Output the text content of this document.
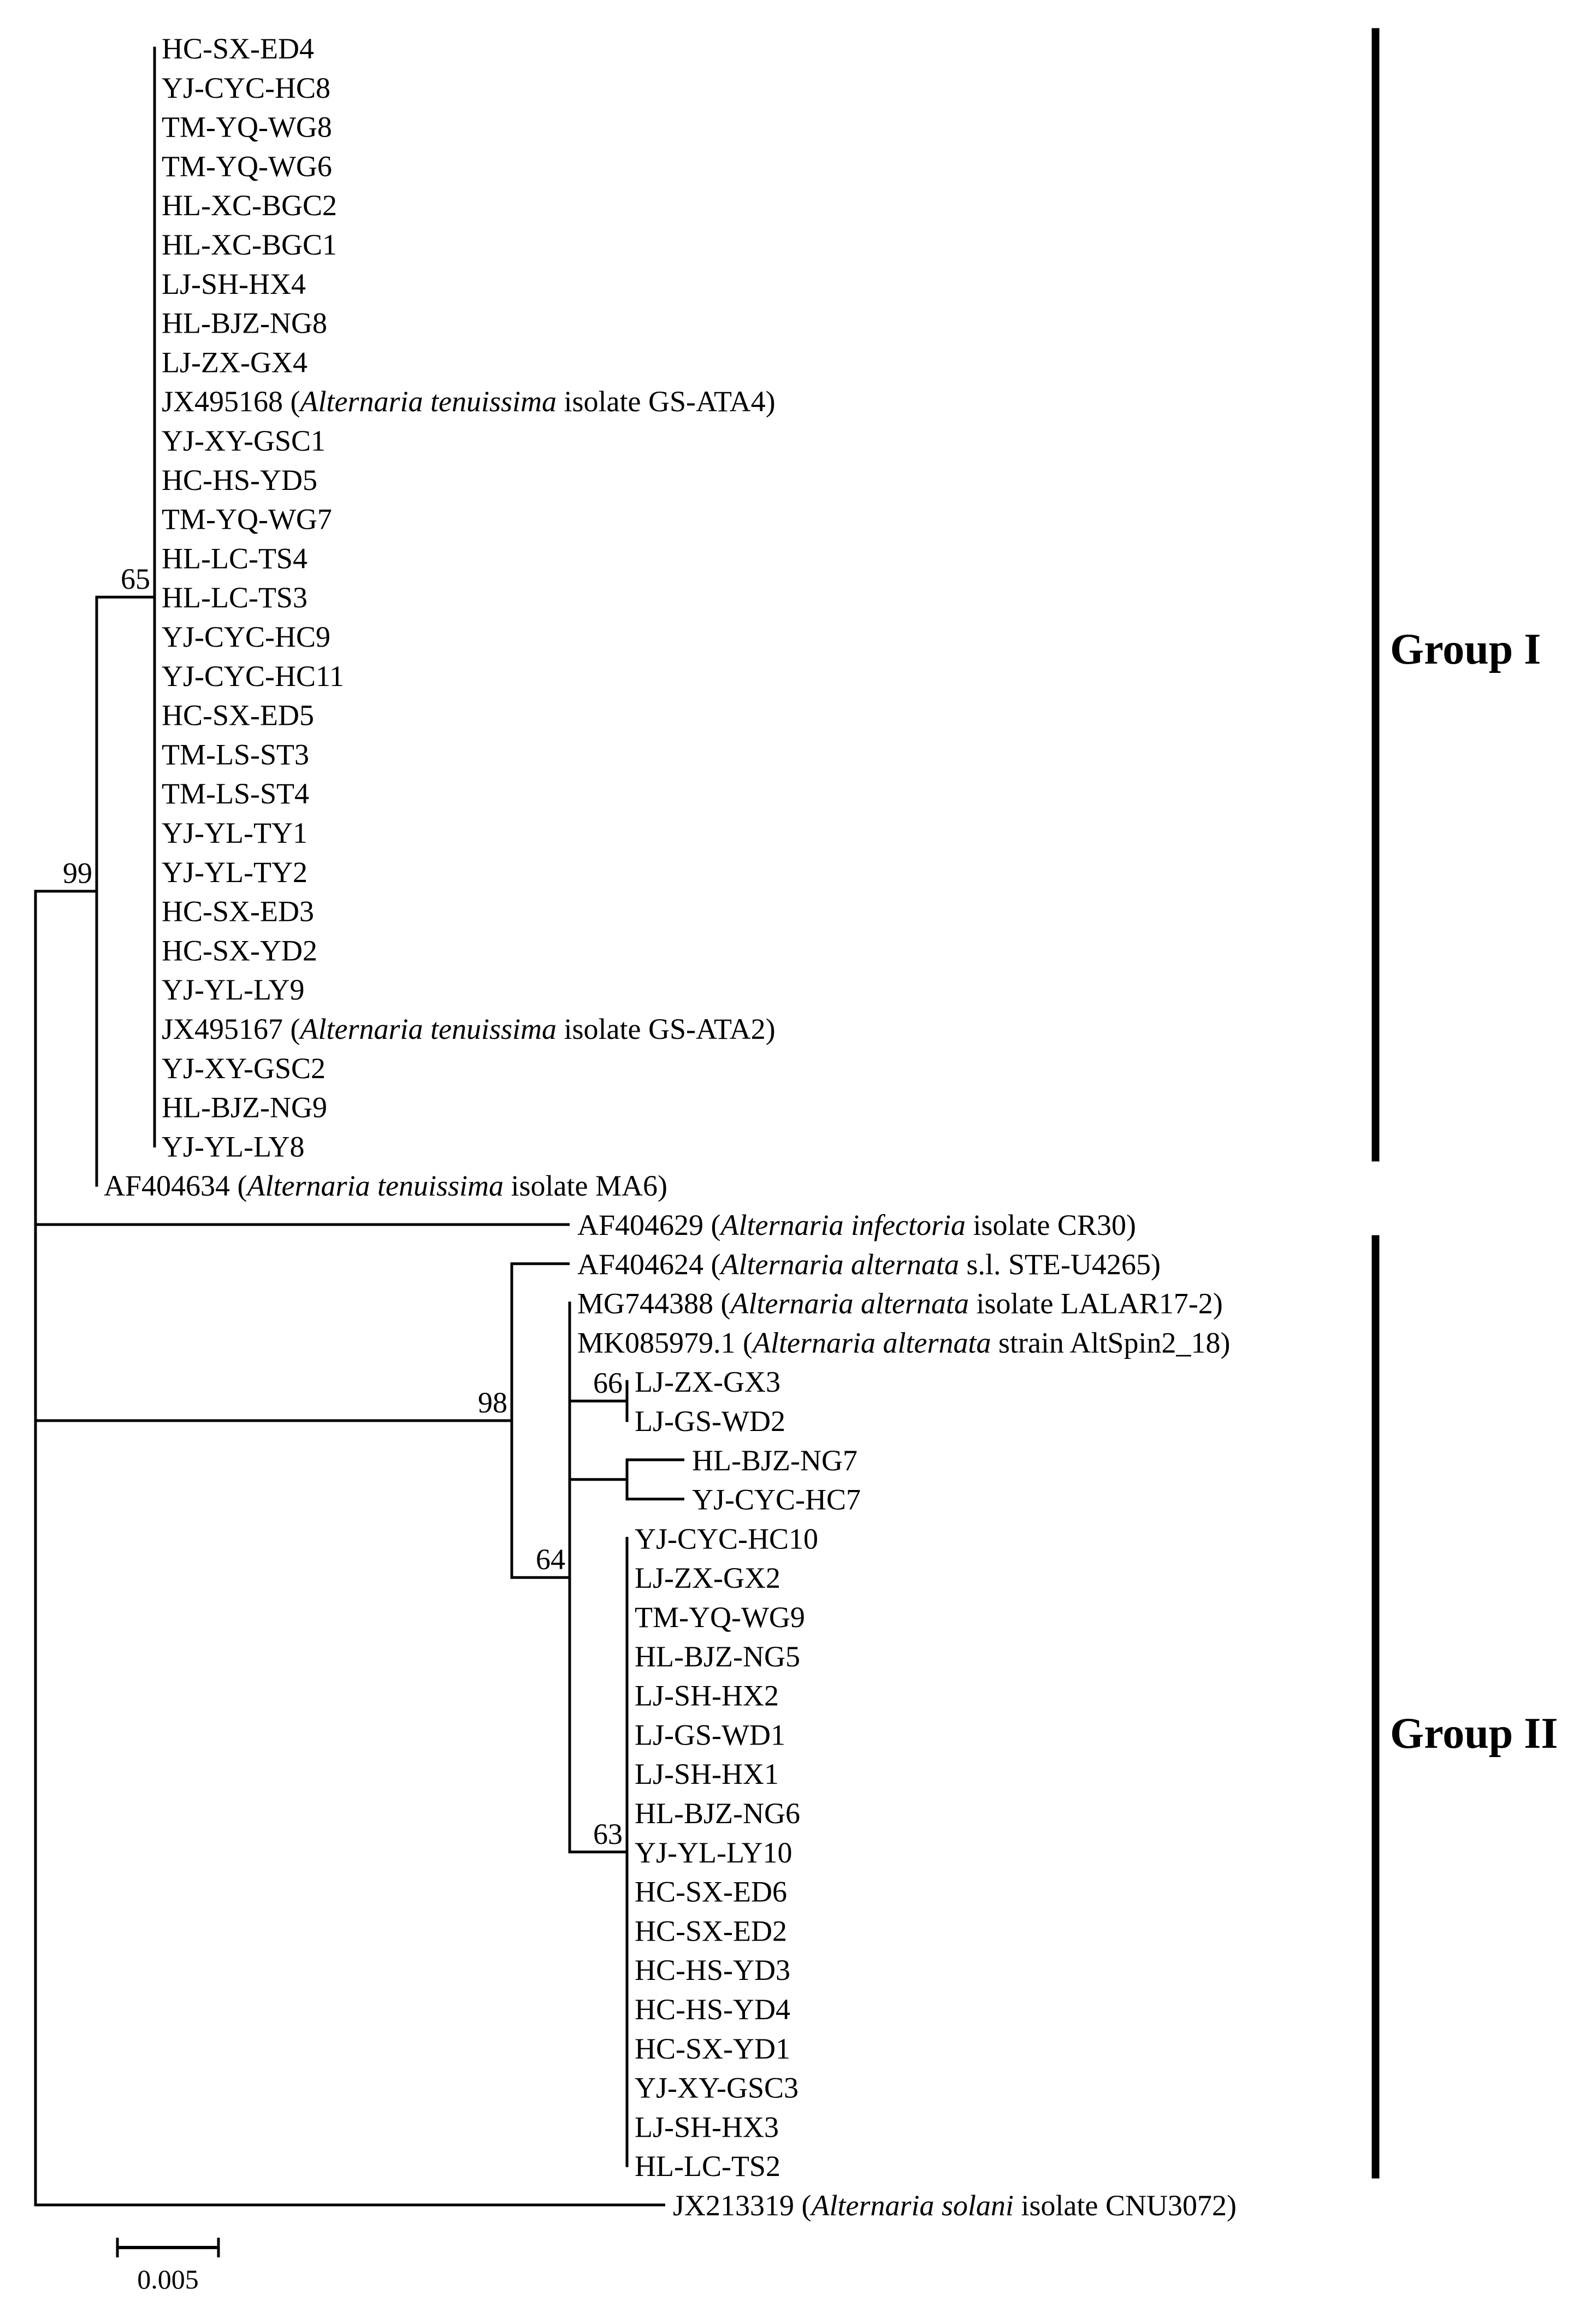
HC-SX-ED4
YJ-CYC-HC8
TM-YQ-WG8
TM-YQ-WG6
HL-XC-BGC2
HL-XC-BGC1
LJ-SH-HX4
HL-BJZ-NG8
LJ-ZX-GX4
JX495168 (Alternaria tenuissima isolate GS-ATA4)
YJ-XY-GSC1
HC-HS-YD5
TM-YQ-WG7
HL-LC-TS4
HL-LC-TS3
YJ-CYC-HC9
YJ-CYC-HC11
HC-SX-ED5
TM-LS-ST3
TM-LS-ST4
YJ-YL-TY1
YJ-YL-TY2
HC-SX-ED3
HC-SX-YD2
YJ-YL-LY9
JX495167 (Alternaria tenuissima isolate GS-ATA2)
YJ-XY-GSC2
HL-BJZ-NG9
YJ-YL-LY8
65
AF404634 (Alternaria tenuissima isolate MA6)
99
AF404629 (Alternaria infectoria isolate CR30)
AF404624 (Alternaria alternata s.l. STE-U4265)
MG744388 (Alternaria alternata isolate LALAR17-2)
MK085979.1 (Alternaria alternata strain AltSpin2_18)
LJ-ZX-GX3
LJ-GS-WD2
66
HL-BJZ-NG7
YJ-CYC-HC7
YJ-CYC-HC10
LJ-ZX-GX2
TM-YQ-WG9
HL-BJZ-NG5
LJ-SH-HX2
LJ-GS-WD1
LJ-SH-HX1
HL-BJZ-NG6
YJ-YL-LY10
HC-SX-ED6
HC-SX-ED2
HC-HS-YD3
HC-HS-YD4
HC-SX-YD1
YJ-XY-GSC3
LJ-SH-HX3
HL-LC-TS2
63
64
98
JX213319 (Alternaria solani isolate CNU3072)
Group I
Group II
0.005
